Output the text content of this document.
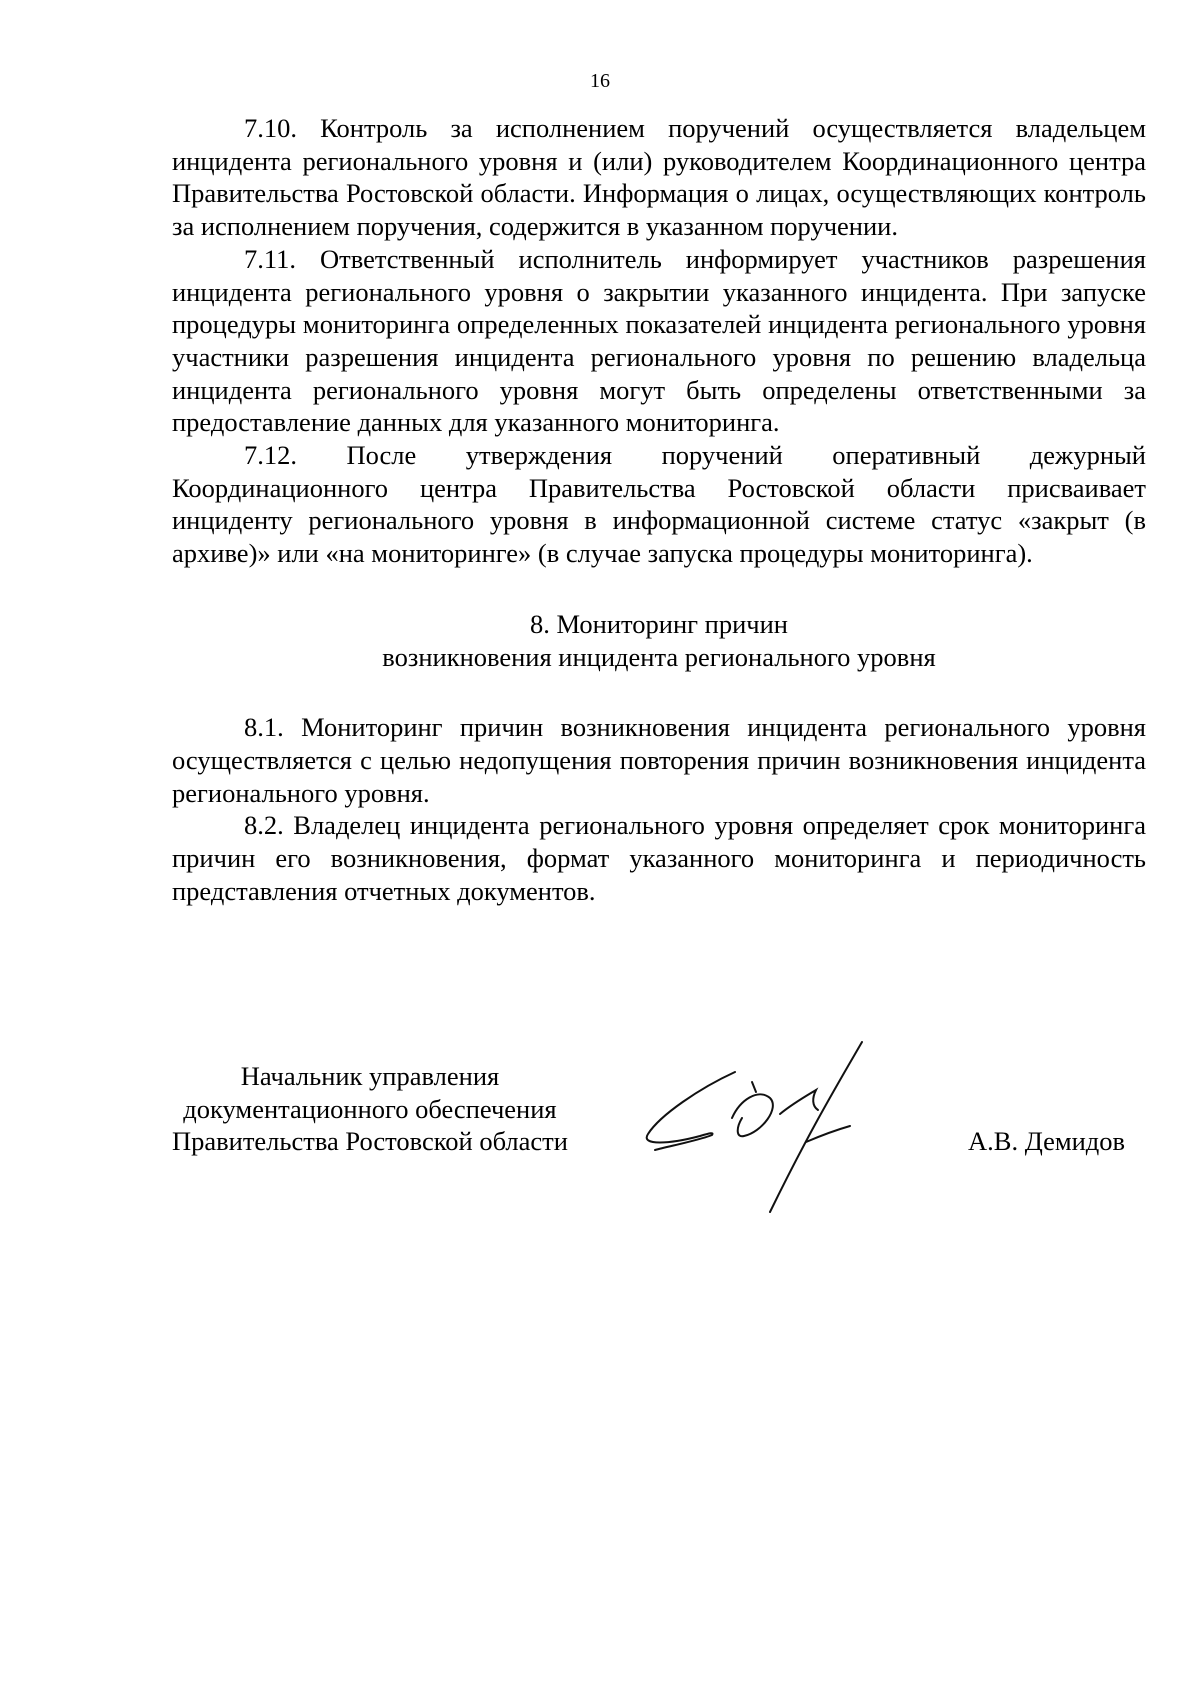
16

7.10. Контроль за исполнением поручений осуществляется владельцем инцидента регионального уровня и (или) руководителем Координационного центра Правительства Ростовской области. Информация о лицах, осуществляющих контроль за исполнением поручения, содержится в указанном поручении.

7.11. Ответственный исполнитель информирует участников разрешения инцидента регионального уровня о закрытии указанного инцидента. При запуске процедуры мониторинга определенных показателей инцидента регионального уровня участники разрешения инцидента регионального уровня по решению владельца инцидента регионального уровня могут быть определены ответственными за предоставление данных для указанного мониторинга.

7.12. После утверждения поручений оперативный дежурный Координационного центра Правительства Ростовской области присваивает инциденту регионального уровня в информационной системе статус «закрыт (в архиве)» или «на мониторинге» (в случае запуска процедуры мониторинга).

8. Мониторинг причин
возникновения инцидента регионального уровня

8.1. Мониторинг причин возникновения инцидента регионального уровня осуществляется с целью недопущения повторения причин возникновения инцидента регионального уровня.

8.2. Владелец инцидента регионального уровня определяет срок мониторинга причин его возникновения, формат указанного мониторинга и периодичность представления отчетных документов.

Начальник управления
документационного обеспечения
Правительства Ростовской области	А.В. Демидов
